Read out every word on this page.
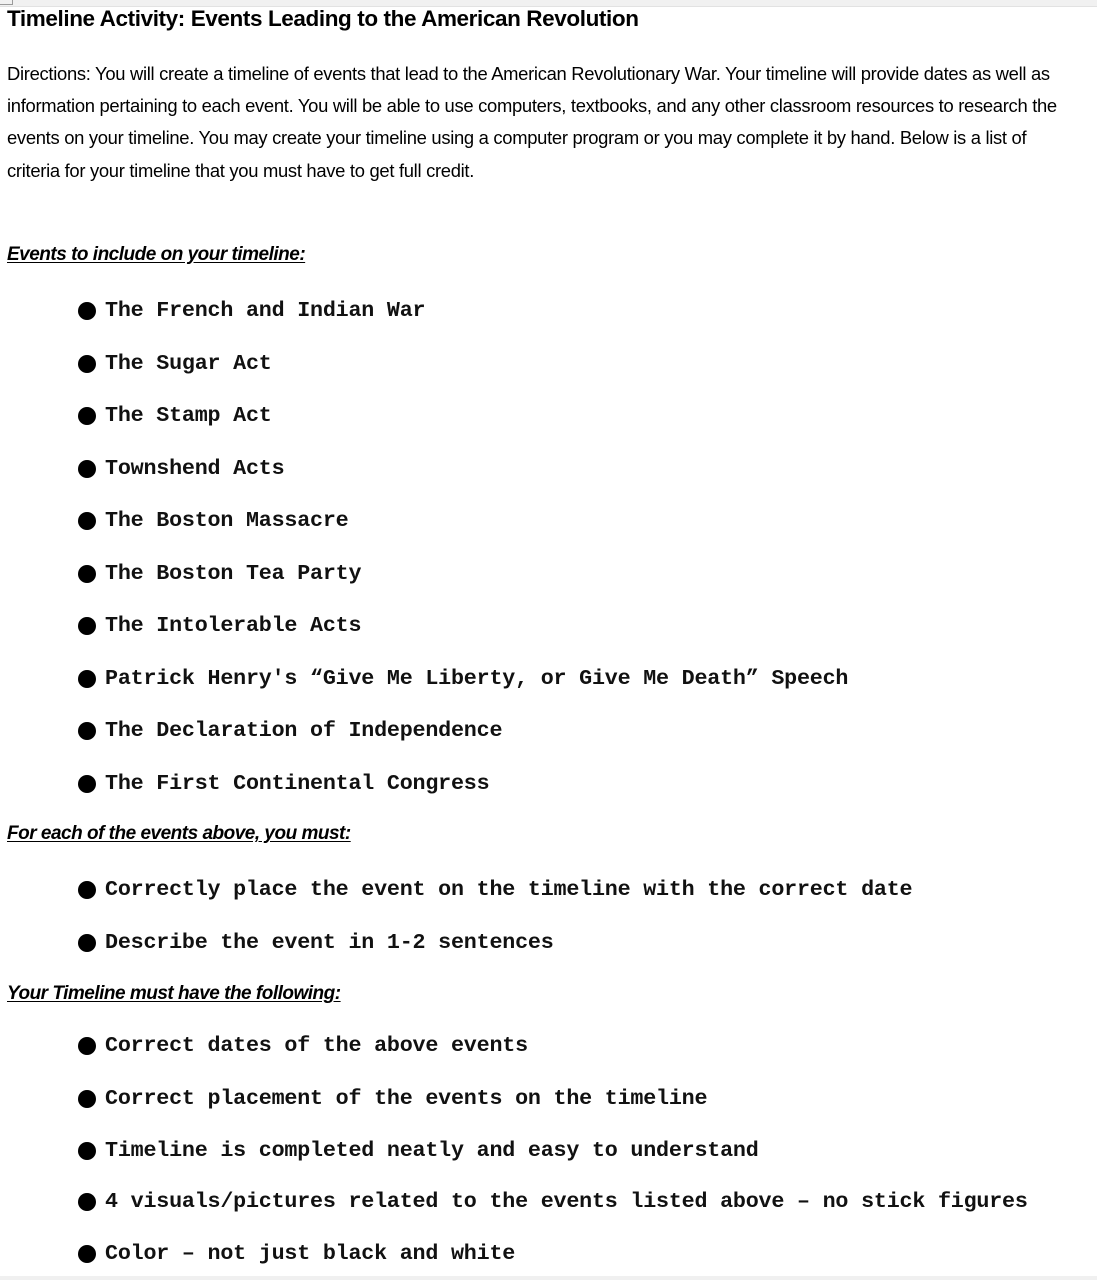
Timeline Activity: Events Leading to the American Revolution

Directions: You will create a timeline of events that lead to the American Revolutionary War. Your timeline will provide dates as well as information pertaining to each event. You will be able to use computers, textbooks, and any other classroom resources to research the events on your timeline. You may create your timeline using a computer program or you may complete it by hand. Below is a list of criteria for your timeline that you must have to get full credit.

Events to include on your timeline:
The French and Indian War
The Sugar Act
The Stamp Act
Townshend Acts
The Boston Massacre
The Boston Tea Party
The Intolerable Acts
Patrick Henry's “Give Me Liberty, or Give Me Death” Speech
The Declaration of Independence
The First Continental Congress
For each of the events above, you must:
Correctly place the event on the timeline with the correct date
Describe the event in 1-2 sentences
Your Timeline must have the following:
Correct dates of the above events
Correct placement of the events on the timeline
Timeline is completed neatly and easy to understand
4 visuals/pictures related to the events listed above – no stick figures
Color – not just black and white
